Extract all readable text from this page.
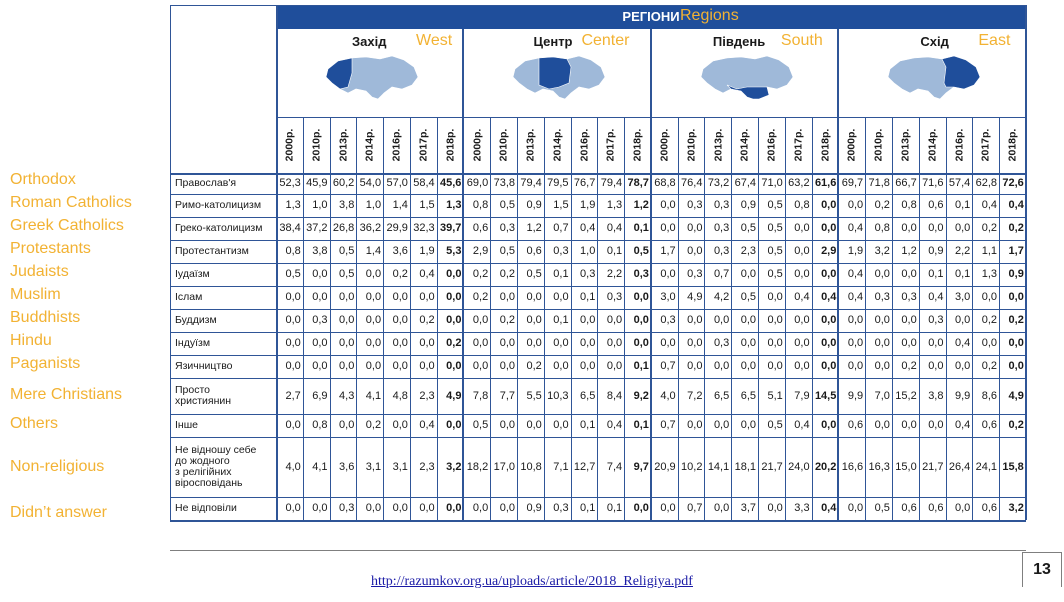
Orthodox
Roman Catholics
Greek Catholics
Protestants
Judaists
Muslim
Buddhists
Hindu
Paganists
Mere Christians
Others
Non-religious
Didn’t answer
РЕГІОНИ
Захід West
2000р. 2010р. 2013р. 2014р. 2016р. 2017р. 2018р.
Центр Center
2000р. 2010р. 2013р. 2014р. 2016р. 2017р. 2018р.
Південь South
2000р. 2010р. 2013р. 2014р. 2016р. 2017р. 2018р.
Схід East
2000р. 2010р. 2013р. 2014р. 2016р. 2017р. 2018р.
Православ'я	52,3 45,9 60,2 54,0 57,0 58,4 45,6 69,0 73,8 79,4 79,5 76,7 79,4 78,7 68,8 76,4 73,2 67,4 71,0 63,2 61,6 69,7 71,8 66,7 71,6 57,4 62,8 72,6
Римо-католицизм	1,3	1,0	3,8	1,0	1,4	1,5	1,3	0,8	0,5	0,9	1,5	1,9	1,3	1,2	0,0	0,3	0,3	0,9	0,5	0,8	0,0	0,0	0,2	0,8	0,6	0,1	0,4	0,4
Греко-католицизм	38,4 37,2 26,8 36,2 29,9 32,3 39,7	0,6	0,3	1,2	0,7	0,4	0,4	0,1	0,0	0,0	0,3	0,5	0,5	0,0	0,0	0,4	0,8	0,0	0,0	0,0	0,2	0,2
Протестантизм	0,8	3,8	0,5	1,4	3,6	1,9	5,3	2,9	0,5	0,6	0,3	1,0	0,1	0,5	1,7	0,0	0,3	2,3	0,5	0,0	2,9	1,9	3,2	1,2	0,9	2,2	1,1	1,7
Іудаїзм	0,5	0,0	0,5	0,0	0,2	0,4	0,0	0,2	0,2	0,5	0,1	0,3	2,2	0,3	0,0	0,3	0,7	0,0	0,5	0,0	0,0	0,4	0,0	0,0	0,1	0,1	1,3	0,9
Іслам	0,0	0,0	0,0	0,0	0,0	0,0	0,0	0,2	0,0	0,0	0,0	0,1	0,3	0,0	3,0	4,9	4,2	0,5	0,0	0,4	0,4	0,4	0,3	0,3	0,4	3,0	0,0	0,0
Буддизм	0,0	0,3	0,0	0,0	0,0	0,2	0,0	0,0	0,2	0,0	0,1	0,0	0,0	0,0	0,3	0,0	0,0	0,0	0,0	0,0	0,0	0,0	0,0	0,0	0,3	0,0	0,2	0,2
Індуїзм	0,0	0,0	0,0	0,0	0,0	0,0	0,2	0,0	0,0	0,0	0,0	0,0	0,0	0,0	0,0	0,0	0,3	0,0	0,0	0,0	0,0	0,0	0,0	0,0	0,0	0,4	0,0	0,0
Язичництво	0,0	0,0	0,0	0,0	0,0	0,0	0,0	0,0	0,0	0,2	0,0	0,0	0,0	0,1	0,7	0,0	0,0	0,0	0,0	0,0	0,0	0,0	0,0	0,2	0,0	0,0	0,2	0,0
Просто
християнин	2,7	6,9	4,3	4,1	4,8	2,3	4,9	7,8	7,7	5,5 10,3	6,5	8,4	9,2	4,0	7,2	6,5	6,5	5,1	7,9 14,5	9,9	7,0 15,2	3,8	9,9	8,6	4,9
Інше	0,0	0,8	0,0	0,2	0,0	0,4	0,0	0,5	0,0	0,0	0,0	0,1	0,4	0,1	0,7	0,0	0,0	0,0	0,5	0,4	0,0	0,6	0,0	0,0	0,0	0,4	0,6	0,2
Не відношу себе
до жодного
з релігійних
віросповідань
4,0	4,1	3,6	3,1	3,1	2,3	3,2 18,2 17,0 10,8	7,1 12,7	7,4	9,7 20,9 10,2 14,1 18,1 21,7 24,0 20,2 16,6 16,3 15,0 21,7 26,4 24,1 15,8
Не відповіли	0,0	0,0	0,3	0,0	0,0	0,0	0,0	0,0	0,0	0,9	0,3	0,1	0,1	0,0	0,0	0,7	0,0	3,7	0,0	3,3	0,4	0,0	0,5	0,6	0,6	0,0	0,6	3,2
Regions
13
http://razumkov.org.ua/uploads/article/2018_Religiya.pdf
